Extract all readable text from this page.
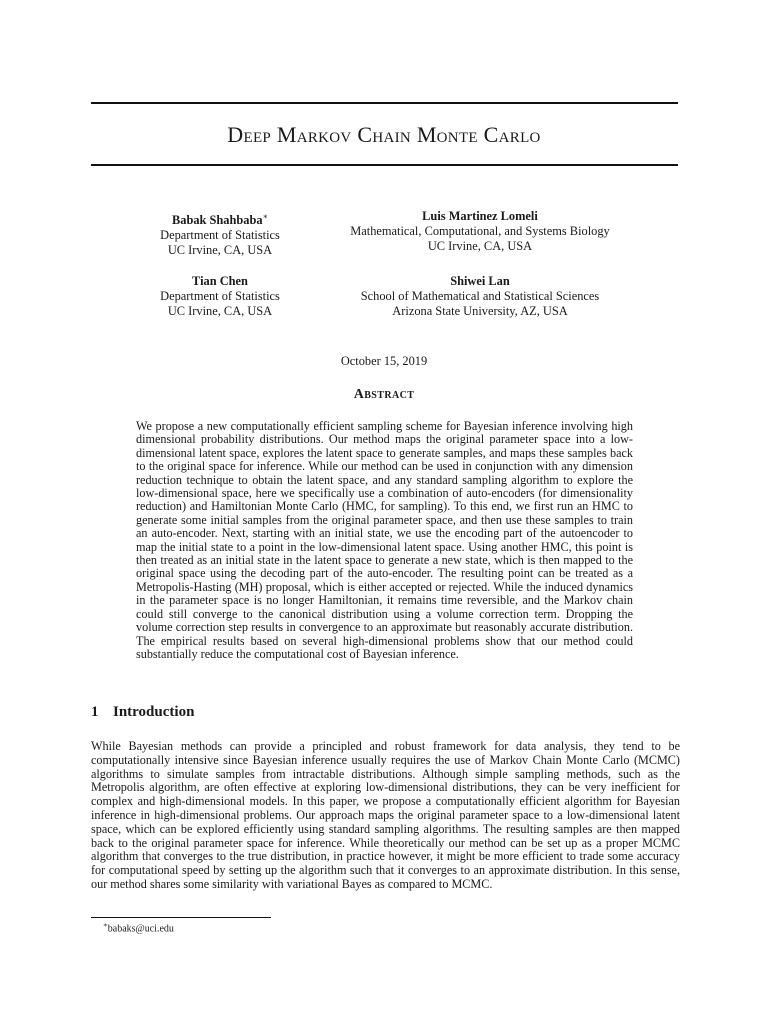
Deep Markov Chain Monte Carlo
Babak Shahbaba∗
Department of Statistics
UC Irvine, CA, USA
Luis Martinez Lomeli
Mathematical, Computational, and Systems Biology
UC Irvine, CA, USA
Tian Chen
Department of Statistics
UC Irvine, CA, USA
Shiwei Lan
School of Mathematical and Statistical Sciences
Arizona State University, AZ, USA
October 15, 2019
Abstract
We propose a new computationally efficient sampling scheme for Bayesian inference involving high dimensional probability distributions. Our method maps the original parameter space into a low-dimensional latent space, explores the latent space to generate samples, and maps these samples back to the original space for inference. While our method can be used in conjunction with any dimension reduction technique to obtain the latent space, and any standard sampling algorithm to explore the low-dimensional space, here we specifically use a combination of auto-encoders (for dimensionality reduction) and Hamiltonian Monte Carlo (HMC, for sampling). To this end, we first run an HMC to generate some initial samples from the original parameter space, and then use these samples to train an auto-encoder. Next, starting with an initial state, we use the encoding part of the autoencoder to map the initial state to a point in the low-dimensional latent space. Using another HMC, this point is then treated as an initial state in the latent space to generate a new state, which is then mapped to the original space using the decoding part of the auto-encoder. The resulting point can be treated as a Metropolis-Hasting (MH) proposal, which is either accepted or rejected. While the induced dynamics in the parameter space is no longer Hamiltonian, it remains time reversible, and the Markov chain could still converge to the canonical distribution using a volume correction term. Dropping the volume correction step results in convergence to an approximate but reasonably accurate distribution. The empirical results based on several high-dimensional problems show that our method could substantially reduce the computational cost of Bayesian inference.
1 Introduction
While Bayesian methods can provide a principled and robust framework for data analysis, they tend to be computationally intensive since Bayesian inference usually requires the use of Markov Chain Monte Carlo (MCMC) algorithms to simulate samples from intractable distributions. Although simple sampling methods, such as the Metropolis algorithm, are often effective at exploring low-dimensional distributions, they can be very inefficient for complex and high-dimensional models. In this paper, we propose a computationally efficient algorithm for Bayesian inference in high-dimensional problems. Our approach maps the original parameter space to a low-dimensional latent space, which can be explored efficiently using standard sampling algorithms. The resulting samples are then mapped back to the original parameter space for inference. While theoretically our method can be set up as a proper MCMC algorithm that converges to the true distribution, in practice however, it might be more efficient to trade some accuracy for computational speed by setting up the algorithm such that it converges to an approximate distribution. In this sense, our method shares some similarity with variational Bayes as compared to MCMC.
∗babaks@uci.edu
